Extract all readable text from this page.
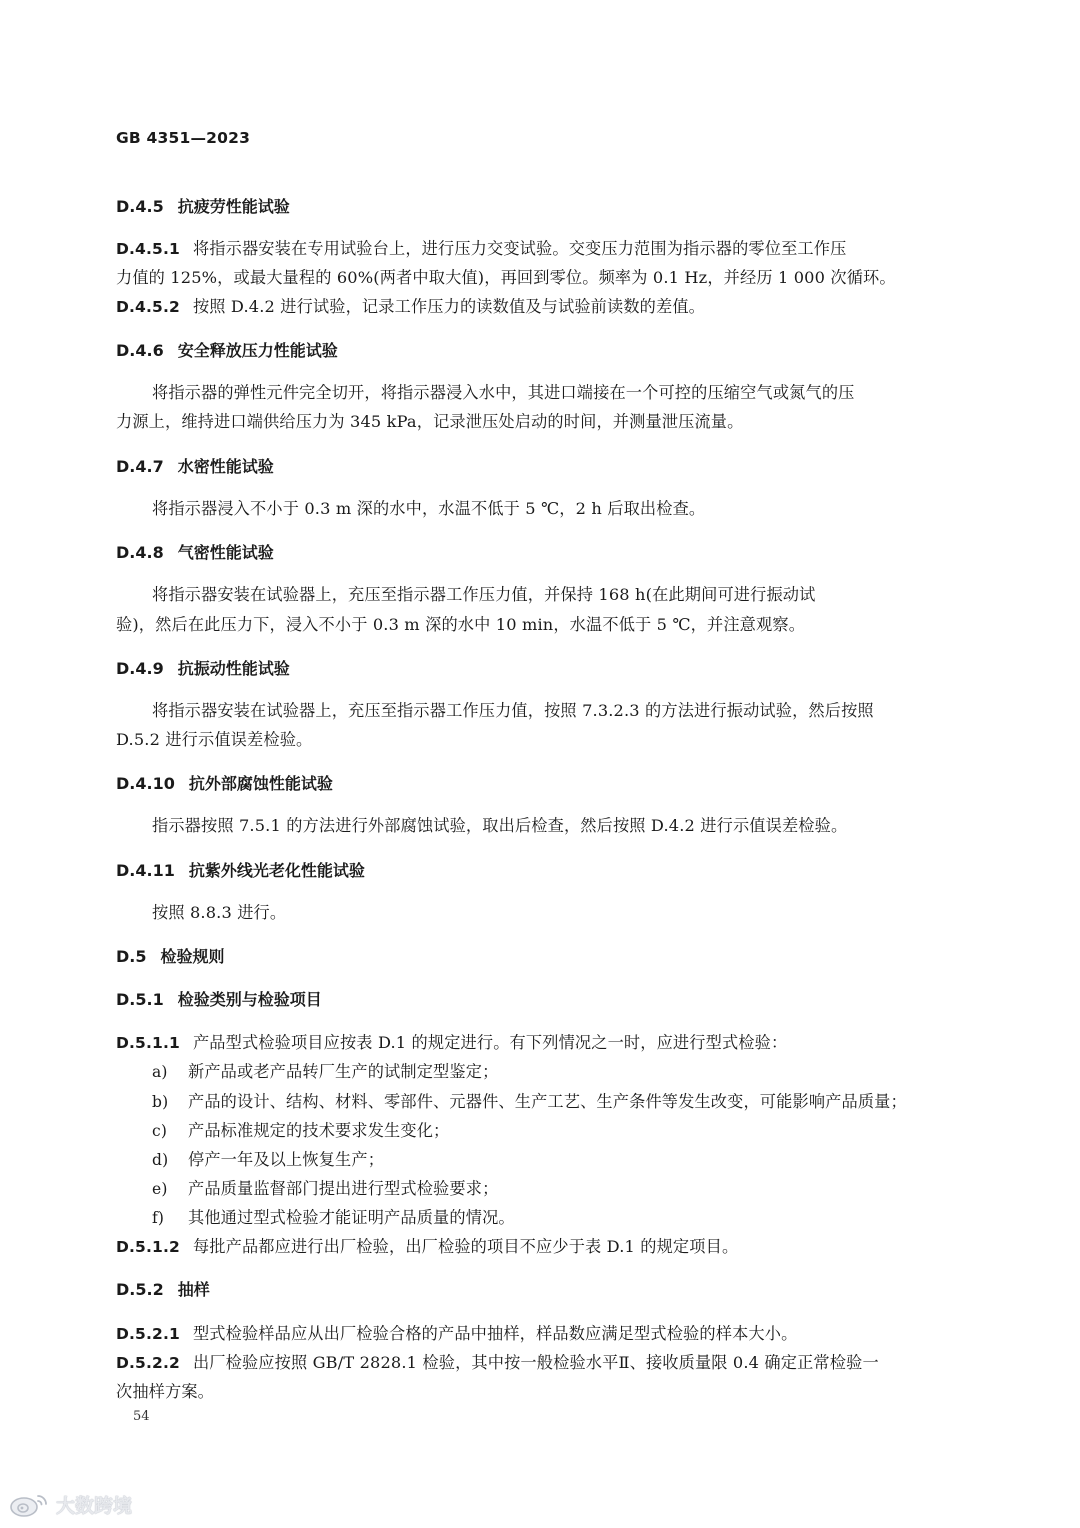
GB 4351—2023
D.4.5 抗疲劳性能试验
D.4.5.1 将指示器安装在专用试验台上，进行压力交变试验。交变压力范围为指示器的零位至工作压
力值的 125%，或最大量程的 60%(两者中取大值)，再回到零位。频率为 0.1 Hz，并经历 1 000 次循环。
D.4.5.2 按照 D.4.2 进行试验，记录工作压力的读数值及与试验前读数的差值。
D.4.6 安全释放压力性能试验
将指示器的弹性元件完全切开，将指示器浸入水中，其进口端接在一个可控的压缩空气或氮气的压
力源上，维持进口端供给压力为 345 kPa，记录泄压处启动的时间，并测量泄压流量。
D.4.7 水密性能试验
将指示器浸入不小于 0.3 m 深的水中，水温不低于 5 ℃，2 h 后取出检查。
D.4.8 气密性能试验
将指示器安装在试验器上，充压至指示器工作压力值，并保持 168 h(在此期间可进行振动试
验)，然后在此压力下，浸入不小于 0.3 m 深的水中 10 min，水温不低于 5 ℃，并注意观察。
D.4.9 抗振动性能试验
将指示器安装在试验器上，充压至指示器工作压力值，按照 7.3.2.3 的方法进行振动试验，然后按照
D.5.2 进行示值误差检验。
D.4.10 抗外部腐蚀性能试验
指示器按照 7.5.1 的方法进行外部腐蚀试验，取出后检查，然后按照 D.4.2 进行示值误差检验。
D.4.11 抗紫外线光老化性能试验
按照 8.8.3 进行。
D.5 检验规则
D.5.1 检验类别与检验项目
D.5.1.1 产品型式检验项目应按表 D.1 的规定进行。有下列情况之一时，应进行型式检验：
a) 新产品或老产品转厂生产的试制定型鉴定；
b) 产品的设计、结构、材料、零部件、元器件、生产工艺、生产条件等发生改变，可能影响产品质量；
c) 产品标准规定的技术要求发生变化；
d) 停产一年及以上恢复生产；
e) 产品质量监督部门提出进行型式检验要求；
f) 其他通过型式检验才能证明产品质量的情况。
D.5.1.2 每批产品都应进行出厂检验，出厂检验的项目不应少于表 D.1 的规定项目。
D.5.2 抽样
D.5.2.1 型式检验样品应从出厂检验合格的产品中抽样，样品数应满足型式检验的样本大小。
D.5.2.2 出厂检验应按照 GB/T 2828.1 检验，其中按一般检验水平Ⅱ、接收质量限 0.4 确定正常检验一
次抽样方案。
54
大数跨境
